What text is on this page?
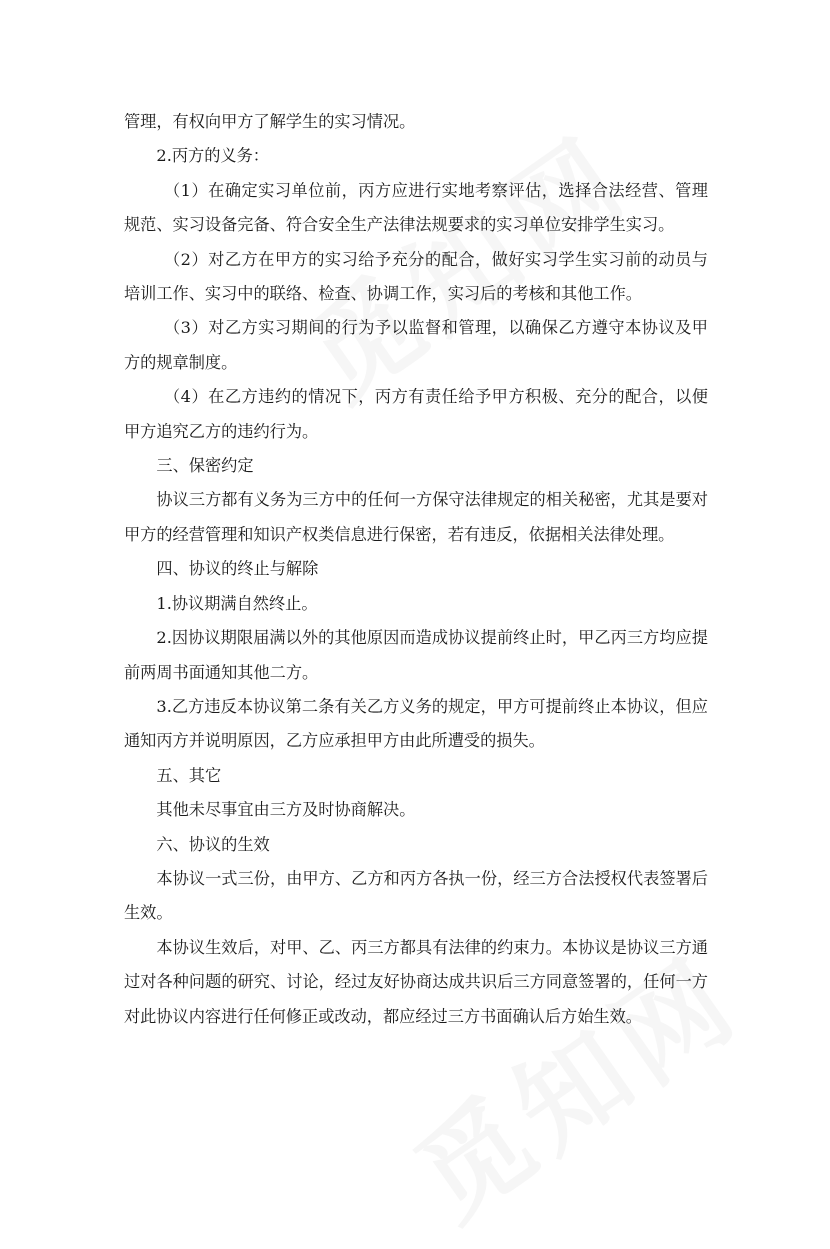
管理，有权向甲方了解学生的实习情况。

2.丙方的义务：

（1）在确定实习单位前，丙方应进行实地考察评估，选择合法经营、管理规范、实习设备完备、符合安全生产法律法规要求的实习单位安排学生实习。

（2）对乙方在甲方的实习给予充分的配合，做好实习学生实习前的动员与培训工作、实习中的联络、检查、协调工作，实习后的考核和其他工作。

（3）对乙方实习期间的行为予以监督和管理，以确保乙方遵守本协议及甲方的规章制度。

（4）在乙方违约的情况下，丙方有责任给予甲方积极、充分的配合，以便甲方追究乙方的违约行为。

三、保密约定

协议三方都有义务为三方中的任何一方保守法律规定的相关秘密，尤其是要对甲方的经营管理和知识产权类信息进行保密，若有违反，依据相关法律处理。

四、协议的终止与解除

1.协议期满自然终止。

2.因协议期限届满以外的其他原因而造成协议提前终止时，甲乙丙三方均应提前两周书面通知其他二方。

3.乙方违反本协议第二条有关乙方义务的规定，甲方可提前终止本协议，但应通知丙方并说明原因，乙方应承担甲方由此所遭受的损失。

五、其它

其他未尽事宜由三方及时协商解决。

六、协议的生效

本协议一式三份，由甲方、乙方和丙方各执一份，经三方合法授权代表签署后生效。

本协议生效后，对甲、乙、丙三方都具有法律的约束力。本协议是协议三方通过对各种问题的研究、讨论，经过友好协商达成共识后三方同意签署的，任何一方对此协议内容进行任何修正或改动，都应经过三方书面确认后方始生效。
